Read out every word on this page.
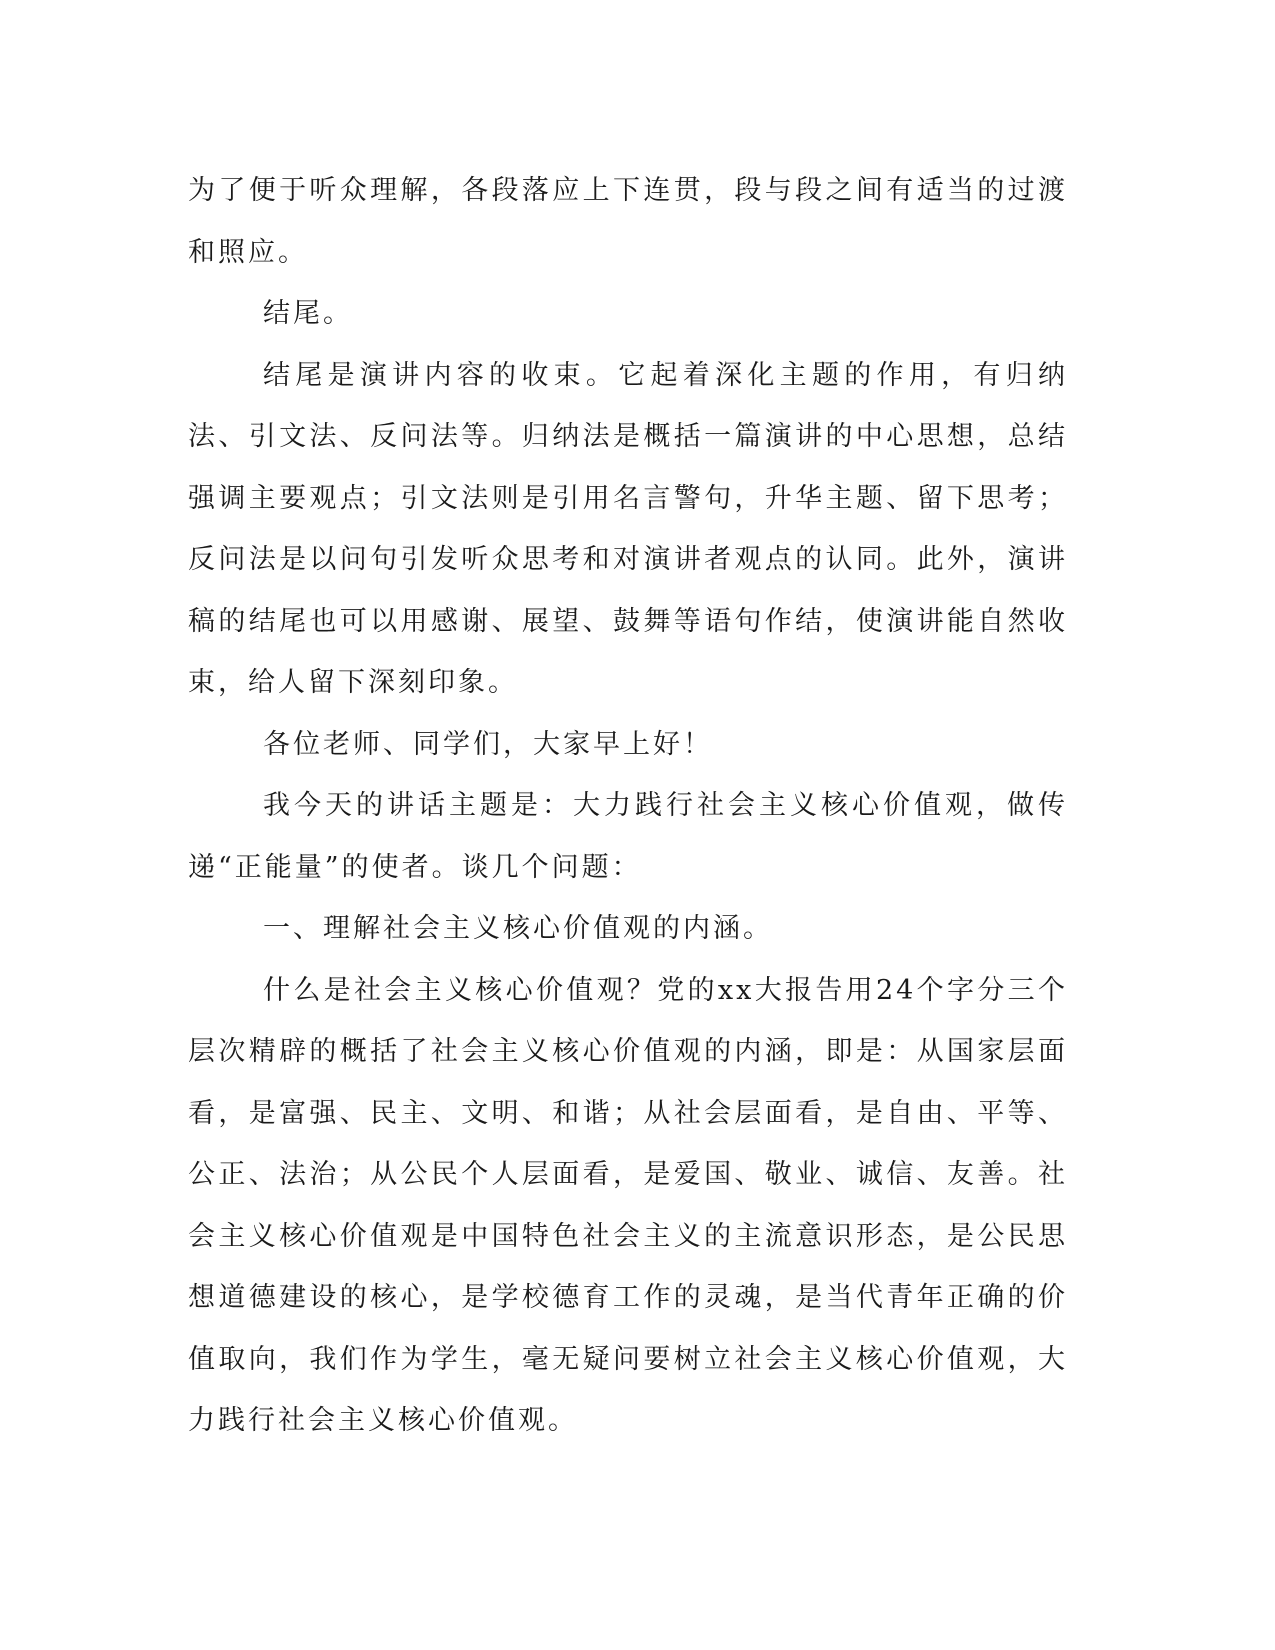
为了便于听众理解，各段落应上下连贯，段与段之间有适当的过渡和照应。

结尾。

结尾是演讲内容的收束。它起着深化主题的作用，有归纳法、引文法、反问法等。归纳法是概括一篇演讲的中心思想，总结强调主要观点；引文法则是引用名言警句，升华主题、留下思考；反问法是以问句引发听众思考和对演讲者观点的认同。此外，演讲稿的结尾也可以用感谢、展望、鼓舞等语句作结，使演讲能自然收束，给人留下深刻印象。

各位老师、同学们，大家早上好！

我今天的讲话主题是：大力践行社会主义核心价值观，做传递“正能量”的使者。谈几个问题：

一、理解社会主义核心价值观的内涵。

什么是社会主义核心价值观？党的xx大报告用24个字分三个层次精辟的概括了社会主义核心价值观的内涵，即是：从国家层面看，是富强、民主、文明、和谐；从社会层面看，是自由、平等、公正、法治；从公民个人层面看，是爱国、敬业、诚信、友善。社会主义核心价值观是中国特色社会主义的主流意识形态，是公民思想道德建设的核心，是学校德育工作的灵魂，是当代青年正确的价值取向，我们作为学生，毫无疑问要树立社会主义核心价值观，大力践行社会主义核心价值观。
